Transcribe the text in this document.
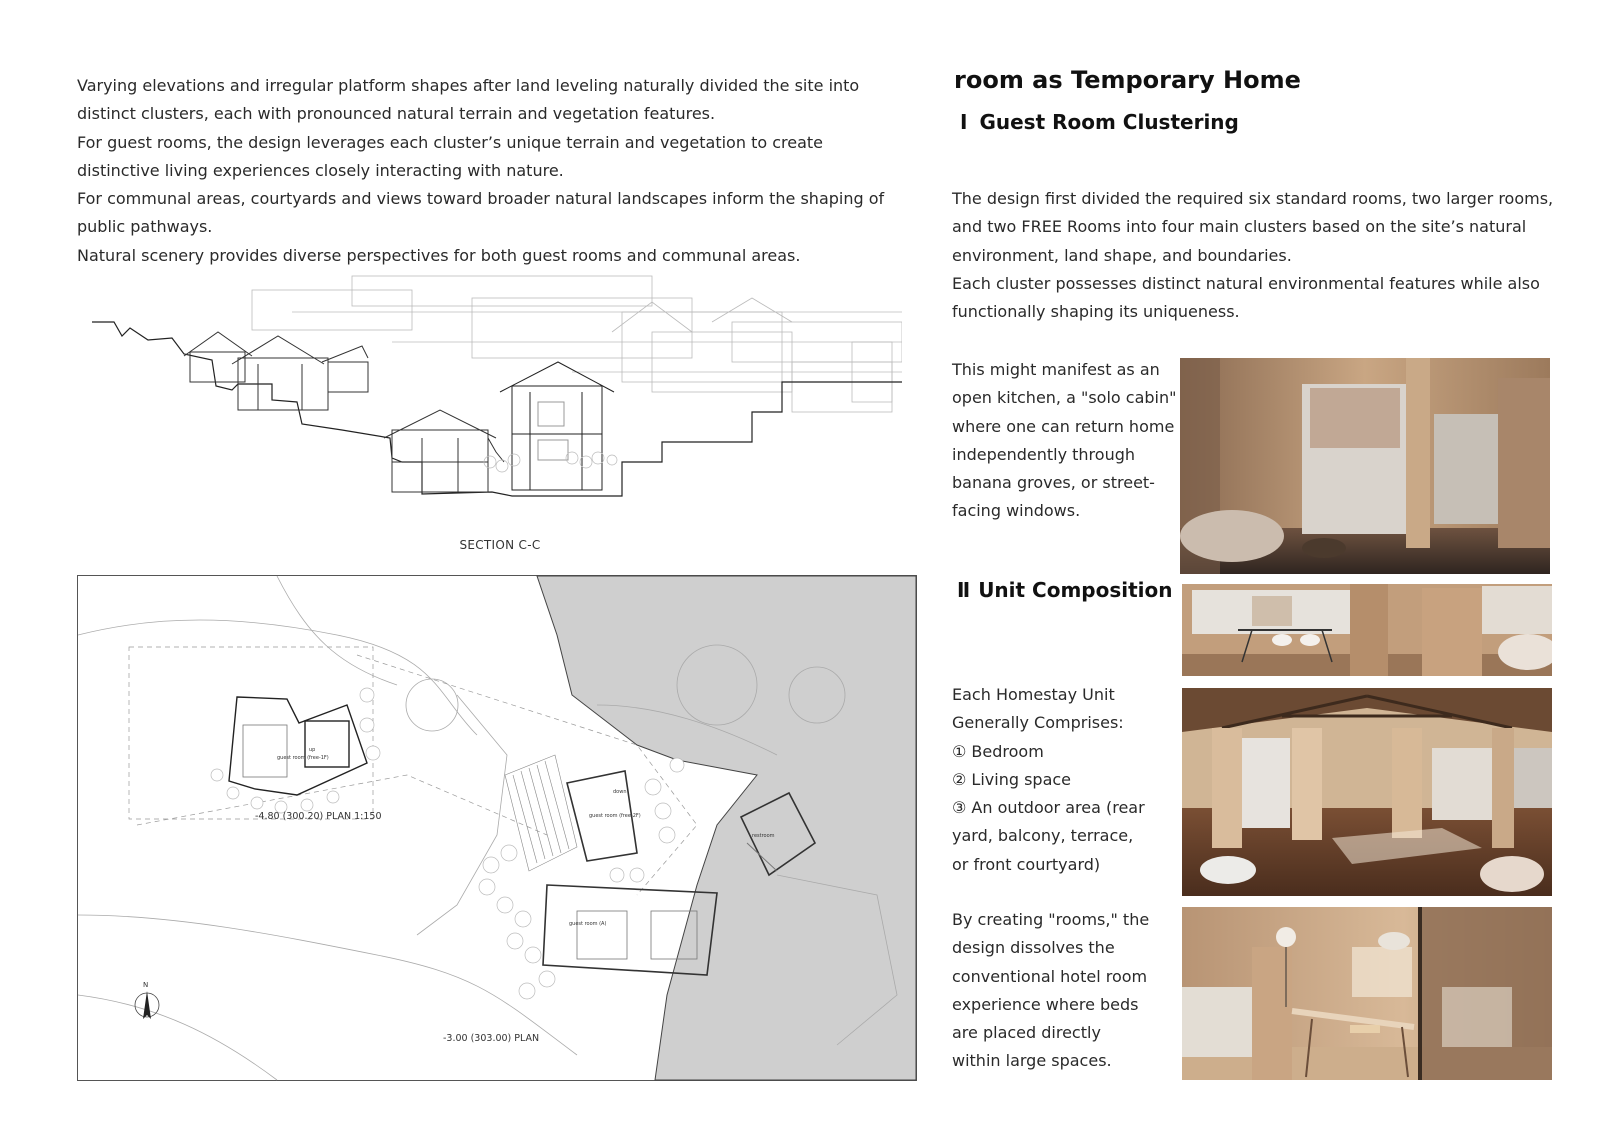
Varying elevations and irregular platform shapes after land leveling naturally divided the site into distinct clusters, each with pronounced natural terrain and vegetation features.

For guest rooms, the design leverages each cluster’s unique terrain and vegetation to create distinctive living experiences closely interacting with nature.

For communal areas, courtyards and views toward broader natural landscapes inform the shaping of public pathways.

Natural scenery provides diverse perspectives for both guest rooms and communal areas.

SECTION C-C
-4.80 (300.20) PLAN 1:150
-3.00 (303.00) PLAN
guest room (free-1F)
guest room (free-2F)
guest room (A)
restroom
up
down
N
room as Temporary Home
Ⅰ Guest Room Clustering

The design first divided the required six standard rooms, two larger rooms, and two FREE Rooms into four main clusters based on the site’s natural environment, land shape, and boundaries.

Each cluster possesses distinct natural environmental features while also functionally shaping its uniqueness.

This might manifest as an open kitchen, a "solo cabin" where one can return home independently through banana groves, or street-facing windows.
Ⅱ Unit Composition

Each Homestay Unit Generally Comprises:

① Bedroom

② Living space

③ An outdoor area (rear yard, balcony, terrace, or front courtyard)

By creating "rooms," the design dissolves the conventional hotel room experience where beds are placed directly within large spaces.
